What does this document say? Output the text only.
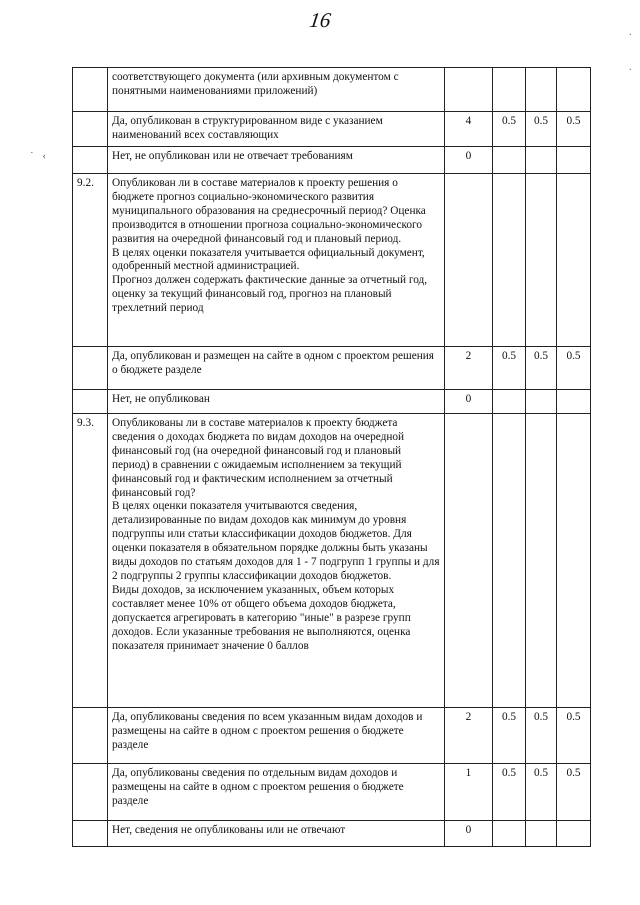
16
˙ ‹
·
·
	соответствующего документа (или архивным документом с понятными наименованиями приложений)				
	Да, опубликован в структурированном виде с указанием наименований всех составляющих	4	0.5	0.5	0.5
	Нет, не опубликован или не отвечает требованиям	0			
9.2.	Опубликован ли в составе материалов к проекту решения о бюджете прогноз социально-экономического развития муниципального образования на среднесрочный период? Оценка производится в отношении прогноза социально-экономического развития на очередной финансовый год и плановый период.
В целях оценки показателя учитывается официальный документ, одобренный местной администрацией.
Прогноз должен содержать фактические данные за отчетный год, оценку за текущий финансовый год, прогноз на плановый трехлетний период				
	Да, опубликован и размещен на сайте в одном с проектом решения о бюджете разделе	2	0.5	0.5	0.5
	Нет, не опубликован	0			
9.3.	Опубликованы ли в составе материалов к проекту бюджета сведения о доходах бюджета по видам доходов на очередной финансовый год (на очередной финансовый год и плановый период) в сравнении с ожидаемым исполнением за текущий финансовый год и фактическим исполнением за отчетный финансовый год?
В целях оценки показателя учитываются сведения, детализированные по видам доходов как минимум до уровня подгруппы или статьи классификации доходов бюджетов. Для оценки показателя в обязательном порядке должны быть указаны виды доходов по статьям доходов для 1 - 7 подгрупп 1 группы и для 2 подгруппы 2 группы классификации доходов бюджетов.
Виды доходов, за исключением указанных, объем которых составляет менее 10% от общего объема доходов бюджета, допускается агрегировать в категорию "иные" в разрезе групп доходов. Если указанные требования не выполняются, оценка показателя принимает значение 0 баллов				
	Да, опубликованы сведения по всем указанным видам доходов и размещены на сайте в одном с проектом решения о бюджете разделе	2	0.5	0.5	0.5
	Да, опубликованы сведения по отдельным видам доходов и размещены на сайте в одном с проектом решения о бюджете разделе	1	0.5	0.5	0.5
	Нет, сведения не опубликованы или не отвечают	0			
